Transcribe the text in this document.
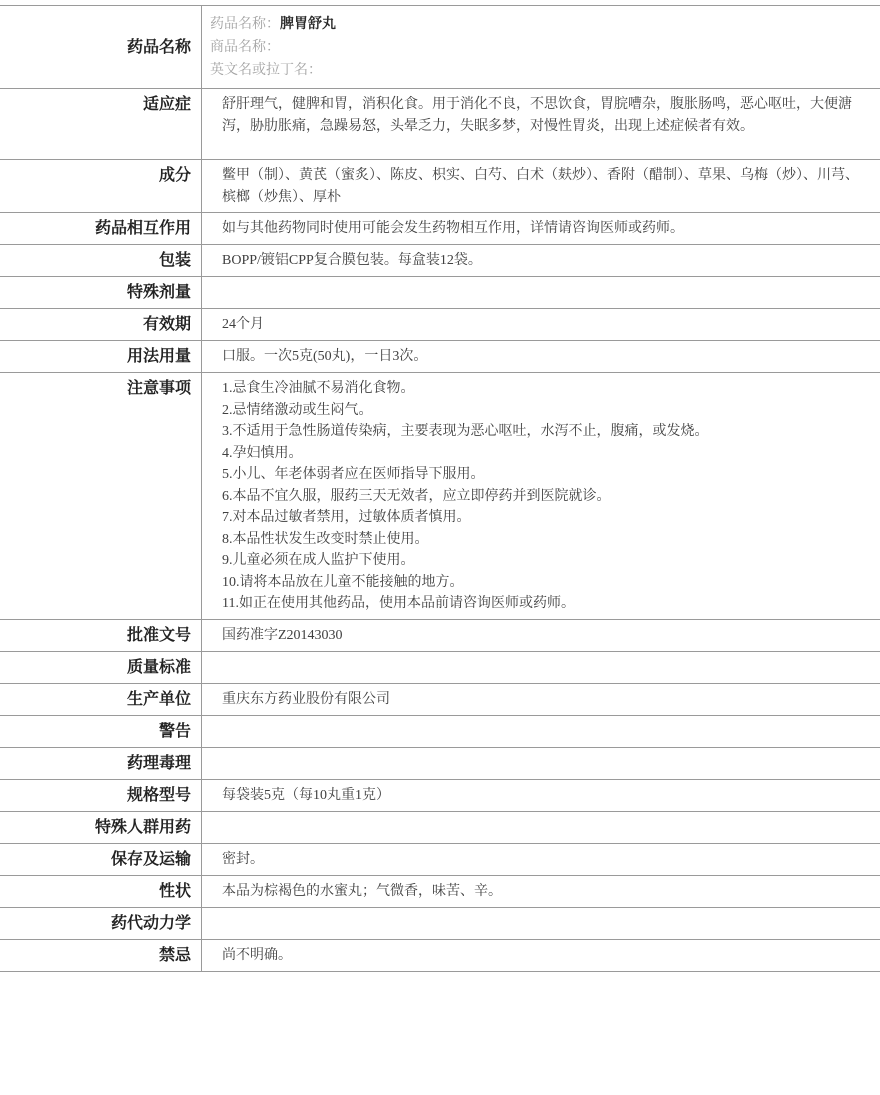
药品名称
药品名称：脾胃舒丸
商品名称：
英文名或拉丁名：
适应症	舒肝理气，健脾和胃，消积化食。用于消化不良，不思饮食，胃脘嘈杂，腹胀肠鸣，恶心呕吐，大便溏泻，胁肋胀痛，急躁易怒，头晕乏力，失眠多梦，对慢性胃炎，出现上述症候者有效。
成分	鳖甲（制）、黄芪（蜜炙）、陈皮、枳实、白芍、白术（麸炒）、香附（醋制）、草果、乌梅（炒）、川芎、槟榔（炒焦）、厚朴
药品相互作用	如与其他药物同时使用可能会发生药物相互作用，详情请咨询医师或药师。
包装	BOPP/镀铝CPP复合膜包装。每盒装12袋。
特殊剂量
有效期	24个月
用法用量	口服。一次5克(50丸)，一日3次。
注意事项	1.忌食生冷油腻不易消化食物。
2.忌情绪激动或生闷气。
3.不适用于急性肠道传染病，主要表现为恶心呕吐，水泻不止，腹痛，或发烧。
4.孕妇慎用。
5.小儿、年老体弱者应在医师指导下服用。
6.本品不宜久服，服药三天无效者，应立即停药并到医院就诊。
7.对本品过敏者禁用，过敏体质者慎用。
8.本品性状发生改变时禁止使用。
9.儿童必须在成人监护下使用。
10.请将本品放在儿童不能接触的地方。
11.如正在使用其他药品，使用本品前请咨询医师或药师。
批准文号	国药准字Z20143030
质量标准
生产单位	重庆东方药业股份有限公司
警告
药理毒理
规格型号	每袋装5克（每10丸重1克）
特殊人群用药
保存及运输	密封。
性状	本品为棕褐色的水蜜丸；气微香，味苦、辛。
药代动力学
禁忌	尚不明确。
